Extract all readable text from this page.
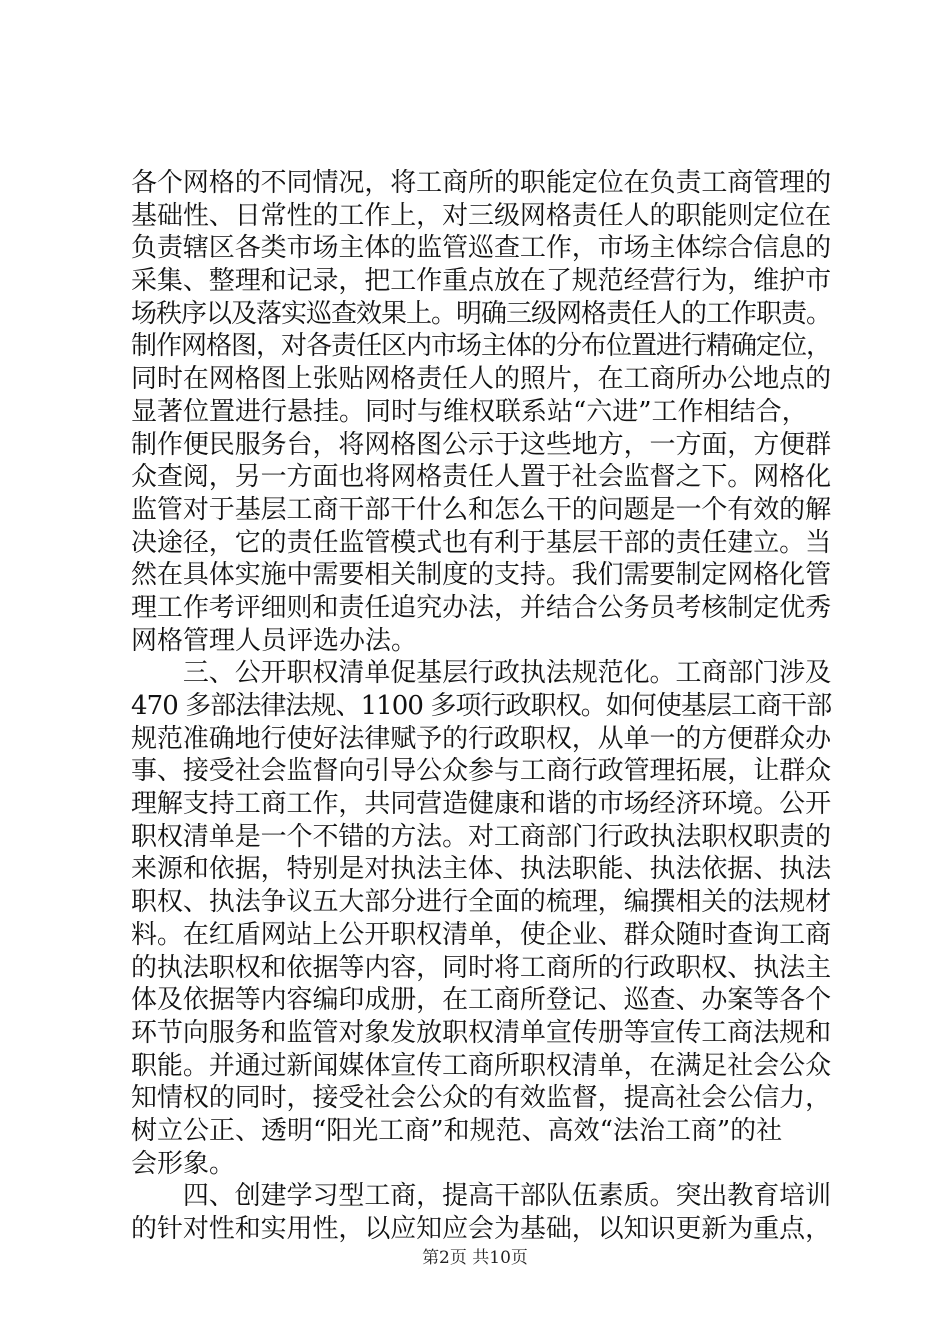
各个网格的不同情况，将工商所的职能定位在负责工商管理的
基础性、日常性的工作上，对三级网格责任人的职能则定位在
负责辖区各类市场主体的监管巡查工作，市场主体综合信息的
采集、整理和记录，把工作重点放在了规范经营行为，维护市
场秩序以及落实巡查效果上。明确三级网格责任人的工作职责。
制作网格图，对各责任区内市场主体的分布位置进行精确定位，
同时在网格图上张贴网格责任人的照片，在工商所办公地点的
显著位置进行悬挂。同时与维权联系站“六进”工作相结合，
制作便民服务台，将网格图公示于这些地方，一方面，方便群
众查阅，另一方面也将网格责任人置于社会监督之下。网格化
监管对于基层工商干部干什么和怎么干的问题是一个有效的解
决途径，它的责任监管模式也有利于基层干部的责任建立。当
然在具体实施中需要相关制度的支持。我们需要制定网格化管
理工作考评细则和责任追究办法，并结合公务员考核制定优秀
网格管理人员评选办法。
　　三、公开职权清单促基层行政执法规范化。工商部门涉及
470 多部法律法规、1100 多项行政职权。如何使基层工商干部
规范准确地行使好法律赋予的行政职权，从单一的方便群众办
事、接受社会监督向引导公众参与工商行政管理拓展，让群众
理解支持工商工作，共同营造健康和谐的市场经济环境。公开
职权清单是一个不错的方法。对工商部门行政执法职权职责的
来源和依据，特别是对执法主体、执法职能、执法依据、执法
职权、执法争议五大部分进行全面的梳理，编撰相关的法规材
料。在红盾网站上公开职权清单，使企业、群众随时查询工商
的执法职权和依据等内容，同时将工商所的行政职权、执法主
体及依据等内容编印成册，在工商所登记、巡查、办案等各个
环节向服务和监管对象发放职权清单宣传册等宣传工商法规和
职能。并通过新闻媒体宣传工商所职权清单，在满足社会公众
知情权的同时，接受社会公众的有效监督，提高社会公信力，
树立公正、透明“阳光工商”和规范、高效“法治工商”的社
会形象。
　　四、创建学习型工商，提高干部队伍素质。突出教育培训
的针对性和实用性，以应知应会为基础，以知识更新为重点，
第2页 共10页
